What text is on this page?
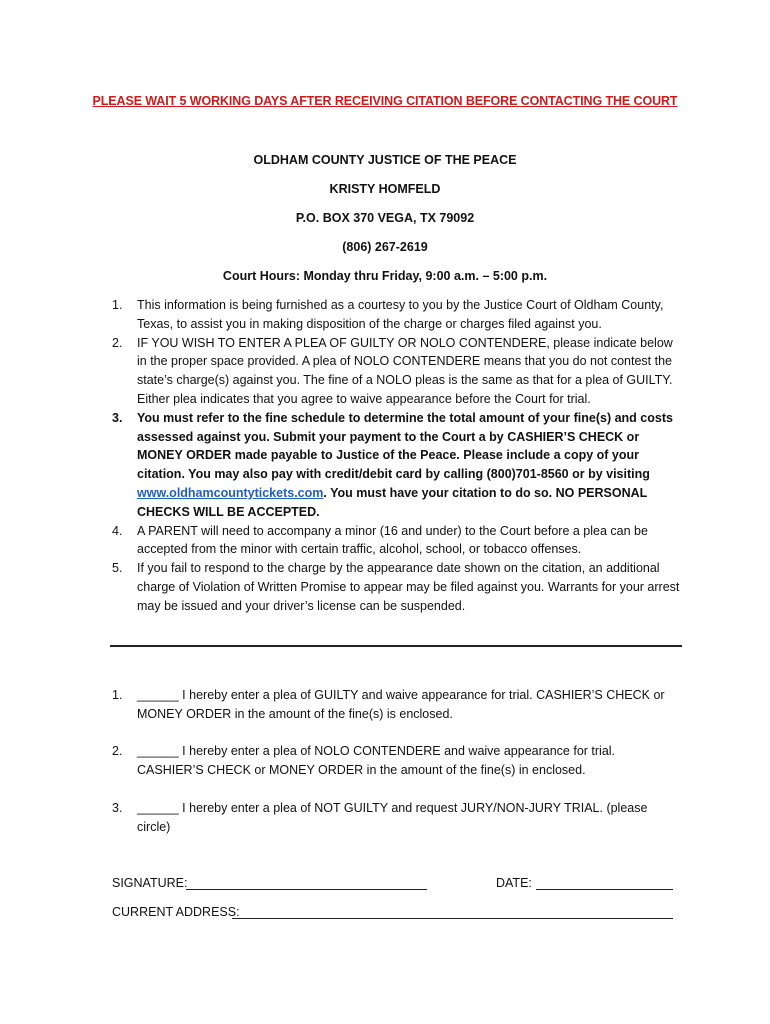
PLEASE WAIT 5 WORKING DAYS AFTER RECEIVING CITATION BEFORE CONTACTING THE COURT
OLDHAM COUNTY JUSTICE OF THE PEACE
KRISTY HOMFELD
P.O. BOX 370 VEGA, TX 79092
(806) 267-2619
Court Hours: Monday thru Friday, 9:00 a.m. – 5:00 p.m.
1. This information is being furnished as a courtesy to you by the Justice Court of Oldham County, Texas, to assist you in making disposition of the charge or charges filed against you.
2. IF YOU WISH TO ENTER A PLEA OF GUILTY OR NOLO CONTENDERE, please indicate below in the proper space provided. A plea of NOLO CONTENDERE means that you do not contest the state’s charge(s) against you. The fine of a NOLO pleas is the same as that for a plea of GUILTY. Either plea indicates that you agree to waive appearance before the Court for trial.
3. You must refer to the fine schedule to determine the total amount of your fine(s) and costs assessed against you. Submit your payment to the Court a by CASHIER’S CHECK or MONEY ORDER made payable to Justice of the Peace. Please include a copy of your citation. You may also pay with credit/debit card by calling (800)701-8560 or by visiting www.oldhamcountytickets.com. You must have your citation to do so. NO PERSONAL CHECKS WILL BE ACCEPTED.
4. A PARENT will need to accompany a minor (16 and under) to the Court before a plea can be accepted from the minor with certain traffic, alcohol, school, or tobacco offenses.
5. If you fail to respond to the charge by the appearance date shown on the citation, an additional charge of Violation of Written Promise to appear may be filed against you. Warrants for your arrest may be issued and your driver’s license can be suspended.
1. ______ I hereby enter a plea of GUILTY and waive appearance for trial. CASHIER’S CHECK or MONEY ORDER in the amount of the fine(s) is enclosed.
2. ______ I hereby enter a plea of NOLO CONTENDERE and waive appearance for trial. CASHIER’S CHECK or MONEY ORDER in the amount of the fine(s) in enclosed.
3. ______ I hereby enter a plea of NOT GUILTY and request JURY/NON-JURY TRIAL. (please circle)
SIGNATURE:	DATE:
CURRENT ADDRESS:
